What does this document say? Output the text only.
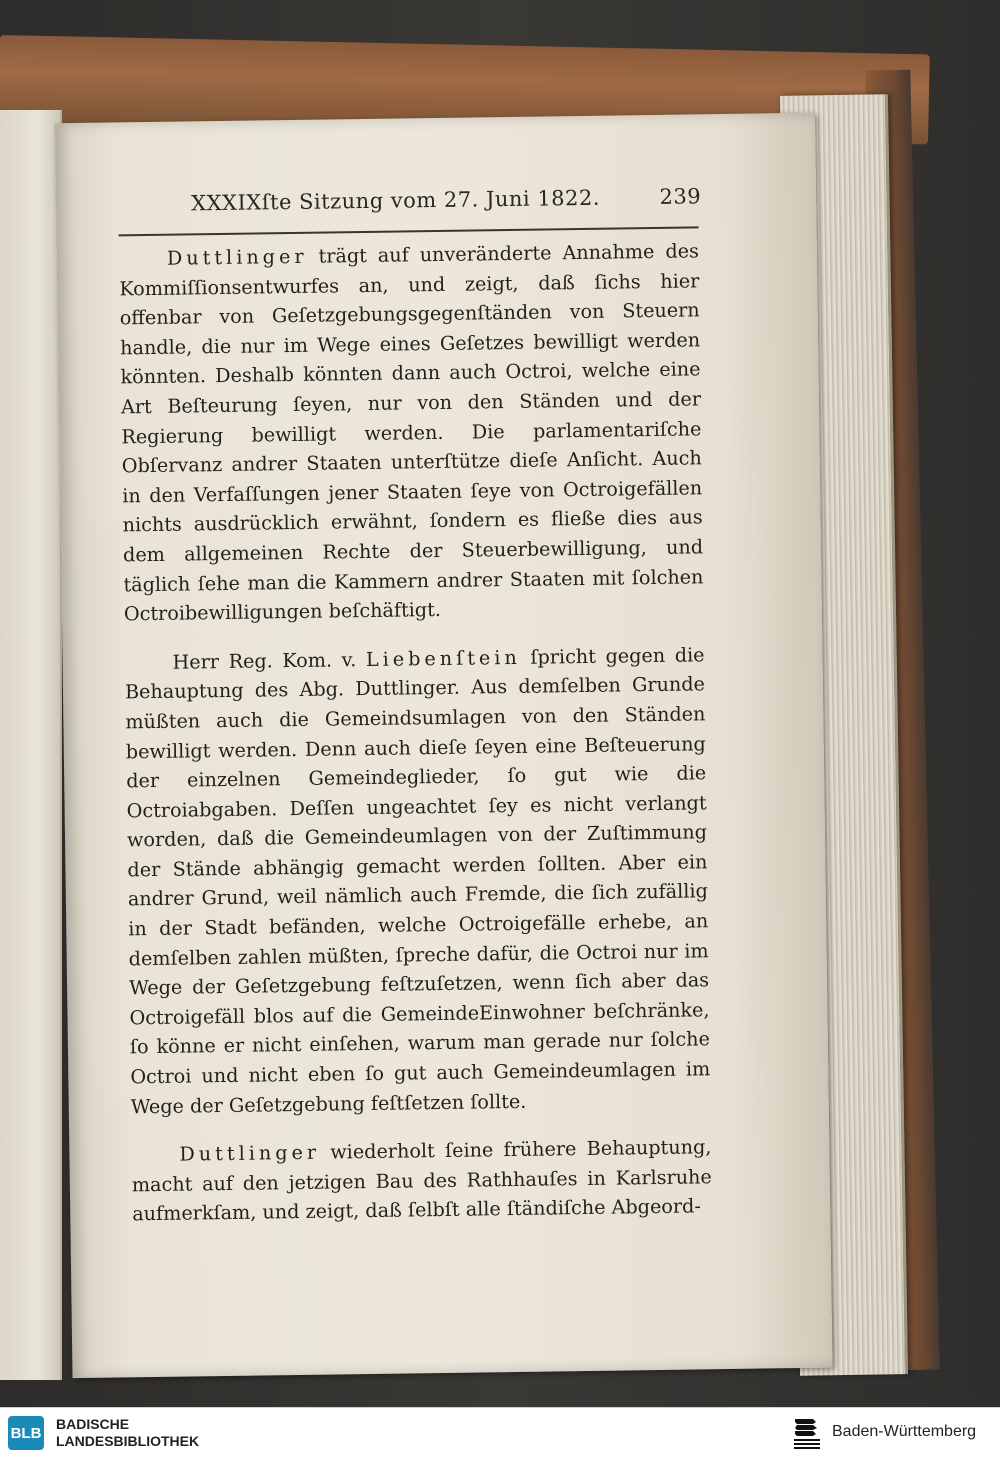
XXXIXſte Sitzung vom 27. Juni 1822.	239

Duttlinger trägt auf unveränderte Annahme des Kommiſſionsentwurfes an, und zeigt, daß ſichs hier offenbar von Geſetzgebungsgegenſtänden von Steuern handle, die nur im Wege eines Geſetzes bewilligt werden könnten. Deshalb könnten dann auch Octroi, welche eine Art Beſteurung ſeyen, nur von den Ständen und der Regierung bewilligt werden. Die parlamentariſche Obſervanz andrer Staaten unterſtütze dieſe Anſicht. Auch in den Verfaſſungen jener Staaten ſeye von Octroigefällen nichts ausdrücklich erwähnt, ſondern es fließe dies aus dem allgemeinen Rechte der Steuerbewilligung, und täglich ſehe man die Kammern andrer Staaten mit ſolchen Octroibewilligungen beſchäftigt.

Herr Reg. Kom. v. Liebenſtein ſpricht gegen die Behauptung des Abg. Duttlinger. Aus demſelben Grunde müßten auch die Gemeindsumlagen von den Ständen bewilligt werden. Denn auch dieſe ſeyen eine Beſteuerung der einzelnen Gemeindeglieder, ſo gut wie die Octroiabgaben. Deſſen ungeachtet ſey es nicht verlangt worden, daß die Gemeindeumlagen von der Zuſtimmung der Stände abhängig gemacht werden ſollten. Aber ein andrer Grund, weil nämlich auch Fremde, die ſich zufällig in der Stadt befänden, welche Octroigefälle erhebe, an demſelben zahlen müßten, ſpreche dafür, die Octroi nur im Wege der Geſetzgebung feſtzuſetzen, wenn ſich aber das Octroigefäll blos auf die GemeindeEinwohner beſchränke, ſo könne er nicht einſehen, warum man gerade nur ſolche Octroi und nicht eben ſo gut auch Gemeindeumlagen im Wege der Geſetzgebung feſtſetzen ſollte.

Duttlinger wiederholt ſeine frühere Behauptung, macht auf den jetzigen Bau des Rathhauſes in Karlsruhe aufmerkſam, und zeigt, daß ſelbſt alle ſtändiſche Abgeord-

BLB
BADISCHE
LANDESBIBLIOTHEK
Baden-Württemberg
